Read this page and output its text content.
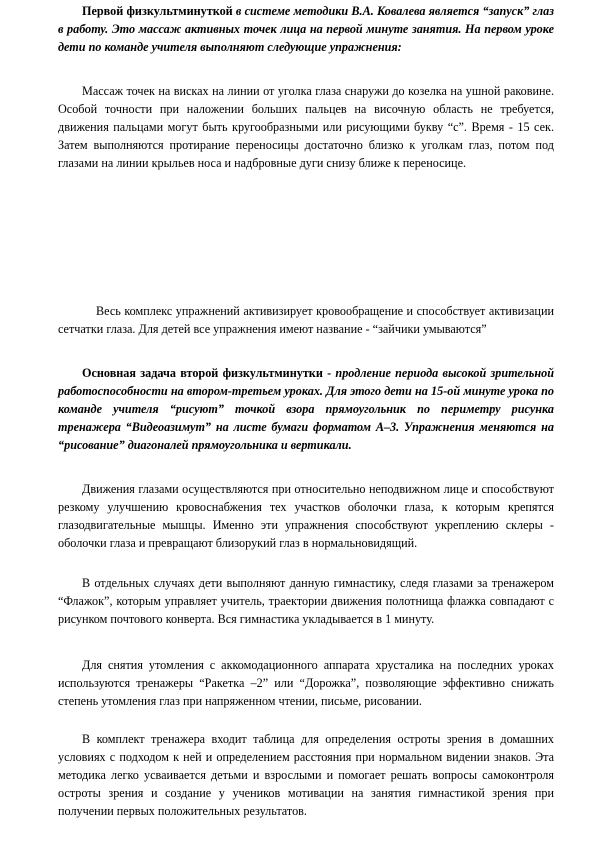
Первой физкультминуткой в системе методики В.А. Ковалева является “запуск” глаз в работу. Это массаж активных точек лица на первой минуте занятия. На первом уроке дети по команде учителя выполняют следующие упражнения:

Массаж точек на висках на линии от уголка глаза снаружи до козелка на ушной раковине. Особой точности при наложении больших пальцев на височную область не требуется, движения пальцами могут быть кругообразными или рисующими букву “с”. Время - 15 сек. Затем выполняются протирание переносицы достаточно близко к уголкам глаз, потом под глазами на линии крыльев носа и надбровные дуги снизу ближе к переносице.

Весь комплекс упражнений активизирует кровообращение и способствует активизации сетчатки глаза. Для детей все упражнения имеют название - “зайчики умываются”

Основная задача второй физкультминутки - продление периода высокой зрительной работоспособности на втором-третьем уроках. Для этого дети на 15-ой минуте урока по команде учителя “рисуют” точкой взора прямоугольник по периметру рисунка тренажера “Видеоазимут” на листе бумаги форматом А–3. Упражнения меняются на “рисование” диагоналей прямоугольника и вертикали.

Движения глазами осуществляются при относительно неподвижном лице и способствуют резкому улучшению кровоснабжения тех участков оболочки глаза, к которым крепятся глазодвигательные мышцы. Именно эти упражнения способствуют укреплению склеры - оболочки глаза и превращают близорукий глаз в нормальновидящий.

В отдельных случаях дети выполняют данную гимнастику, следя глазами за тренажером “Флажок”, которым управляет учитель, траектории движения полотнища флажка совпадают с рисунком почтового конверта. Вся гимнастика укладывается в 1 минуту.

Для снятия утомления с аккомодационного аппарата хрусталика на последних уроках используются тренажеры “Ракетка –2” или “Дорожка”, позволяющие эффективно снижать степень утомления глаз при напряженном чтении, письме, рисовании.

В комплект тренажера входит таблица для определения остроты зрения в домашних условиях с подходом к ней и определением расстояния при нормальном видении знаков. Эта методика легко усваивается детьми и взрослыми и помогает решать вопросы самоконтроля остроты зрения и создание у учеников мотивации на занятия гимнастикой зрения при получении первых положительных результатов.
